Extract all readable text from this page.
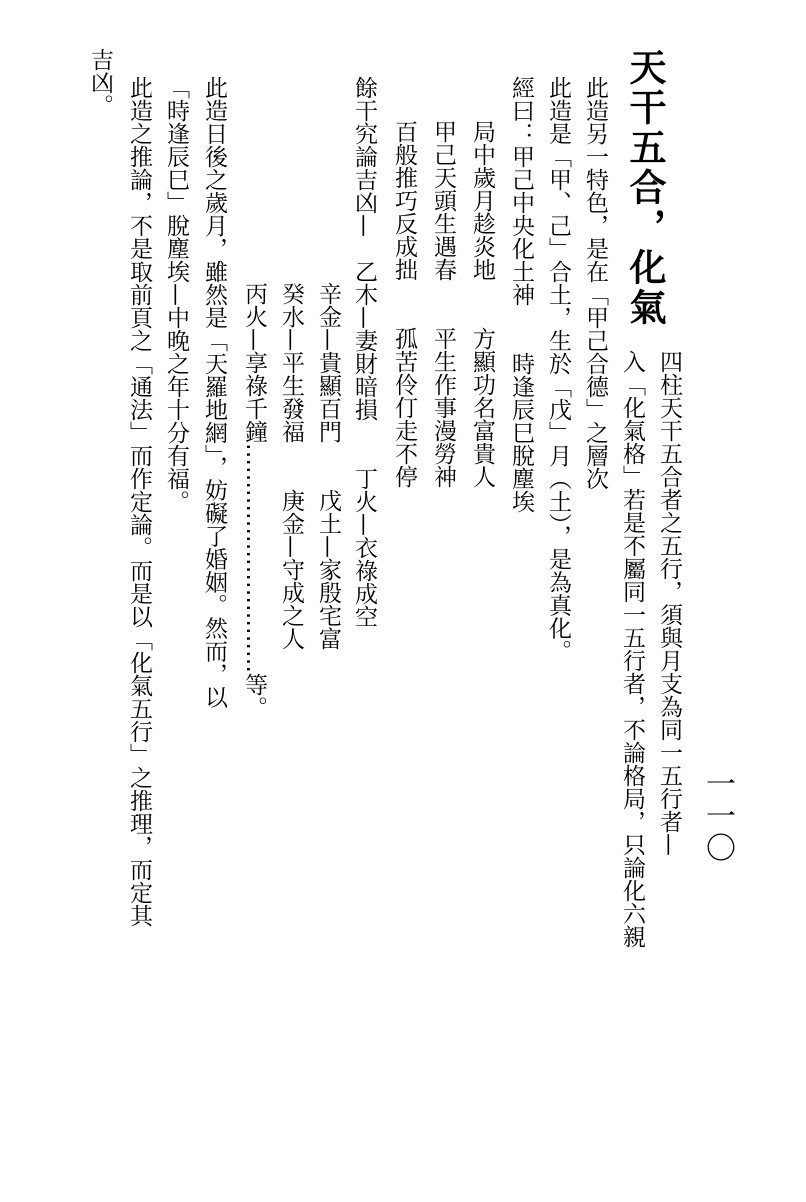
一一〇
天干五合，化氣
四柱天干五合者之五行，須與月支為同一五行者—
入「化氣格」若是不屬同一五行者，不論格局，只論化六親
此造另一特色，是在「甲己合德」之層次
此造是「甲、己」合土，生於「戊」月（土），是為真化。
經曰：甲己中央化土神　　時逢辰巳脫塵埃
局中歲月趁炎地　　方顯功名富貴人
甲己天頭生遇春　　平生作事漫勞神
百般推巧反成拙　　孤苦伶仃走不停
餘干究論吉凶—　乙木—妻財暗損　　丁火—衣祿成空
辛金—貴顯百門　　戊土—家殷宅富
癸水—平生發福　　庚金—守成之人
丙火—享祿千鐘…………………………等。
此造日後之歲月，雖然是「天羅地網」，妨礙了婚姻。然而，以
「時逢辰巳」脫塵埃—中晚之年十分有福。
此造之推論，不是取前頁之「通法」而作定論。而是以「化氣五行」之推理，而定其
吉凶。
